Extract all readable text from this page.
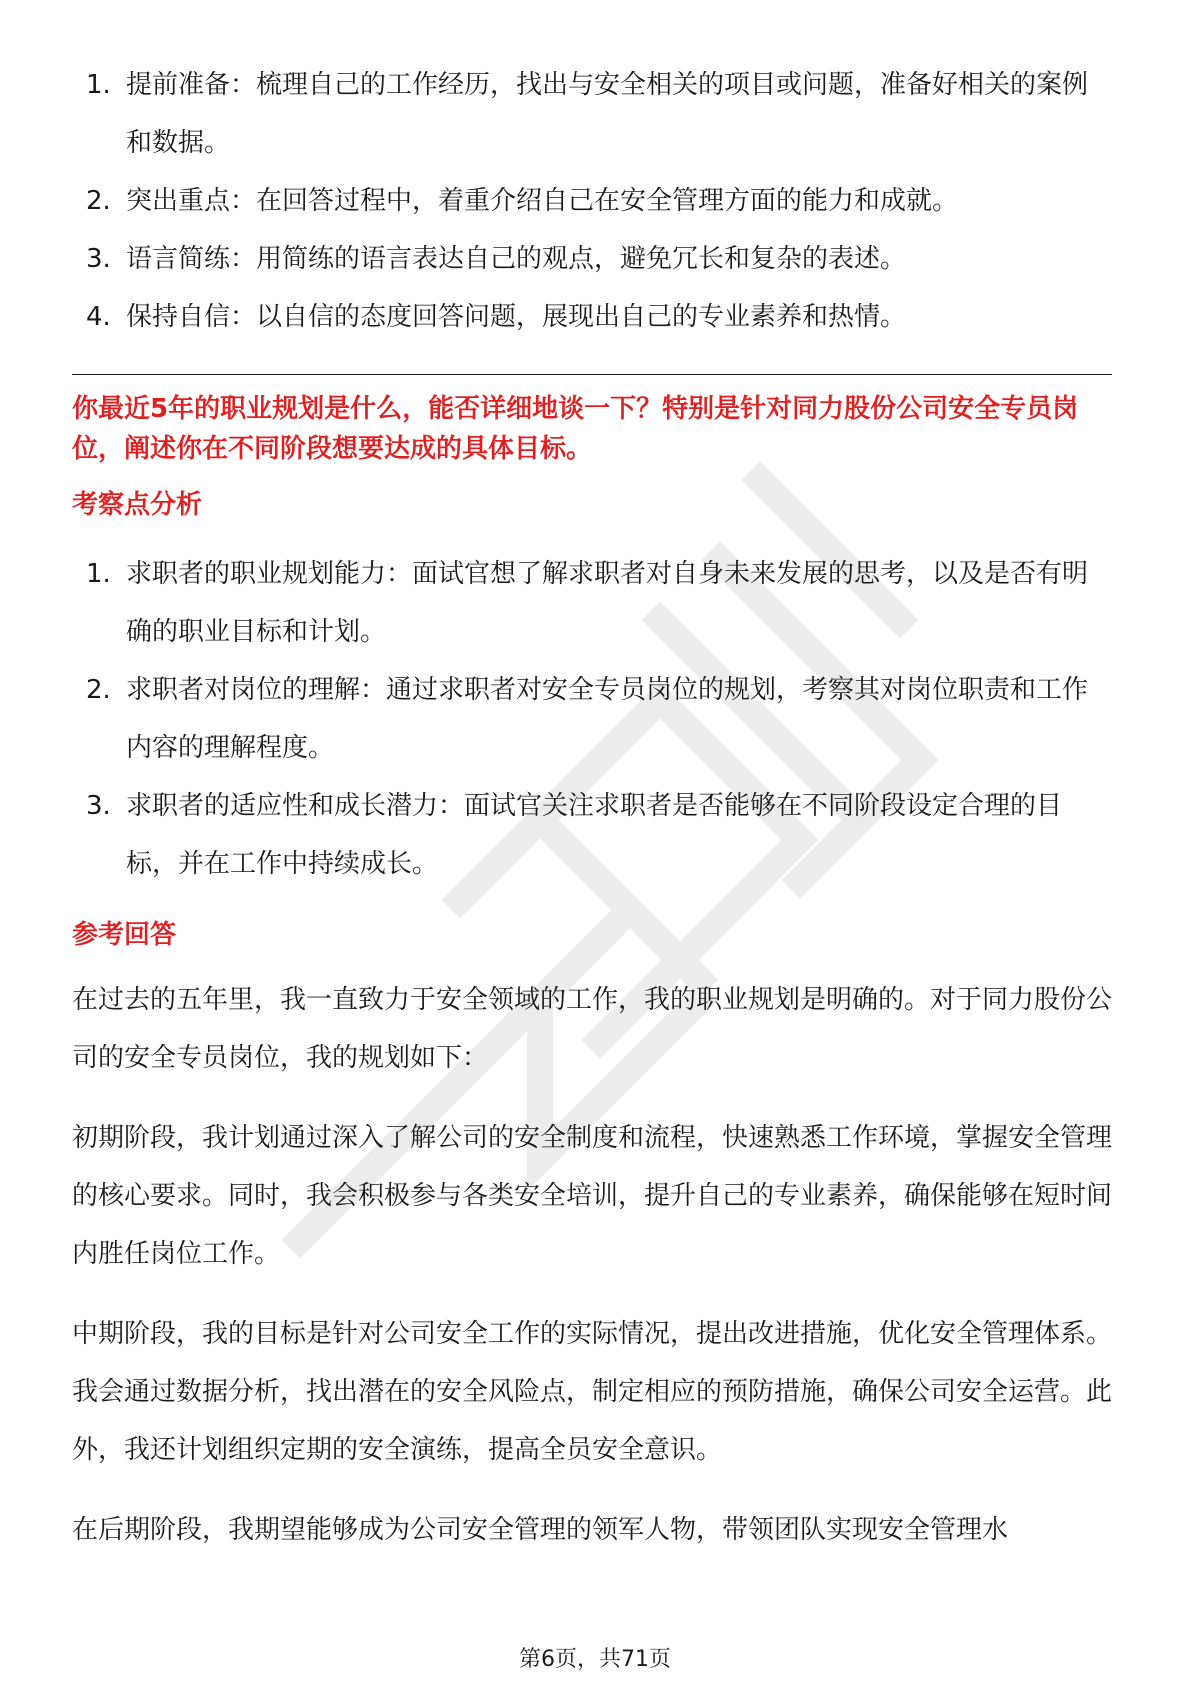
1. 提前准备：梳理自己的工作经历，找出与安全相关的项目或问题，准备好相关的案例和数据。
2. 突出重点：在回答过程中，着重介绍自己在安全管理方面的能力和成就。
3. 语言简练：用简练的语言表达自己的观点，避免冗长和复杂的表述。
4. 保持自信：以自信的态度回答问题，展现出自己的专业素养和热情。

你最近5年的职业规划是什么，能否详细地谈一下？特别是针对同力股份公司安全专员岗位，阐述你在不同阶段想要达成的具体目标。

考察点分析
1. 求职者的职业规划能力：面试官想了解求职者对自身未来发展的思考，以及是否有明确的职业目标和计划。
2. 求职者对岗位的理解：通过求职者对安全专员岗位的规划，考察其对岗位职责和工作内容的理解程度。
3. 求职者的适应性和成长潜力：面试官关注求职者是否能够在不同阶段设定合理的目标，并在工作中持续成长。
参考回答

在过去的五年里，我一直致力于安全领域的工作，我的职业规划是明确的。对于同力股份公司的安全专员岗位，我的规划如下：

初期阶段，我计划通过深入了解公司的安全制度和流程，快速熟悉工作环境，掌握安全管理的核心要求。同时，我会积极参与各类安全培训，提升自己的专业素养，确保能够在短时间内胜任岗位工作。

中期阶段，我的目标是针对公司安全工作的实际情况，提出改进措施，优化安全管理体系。我会通过数据分析，找出潜在的安全风险点，制定相应的预防措施，确保公司安全运营。此外，我还计划组织定期的安全演练，提高全员安全意识。

在后期阶段，我期望能够成为公司安全管理的领军人物，带领团队实现安全管理水

第6页，共71页
